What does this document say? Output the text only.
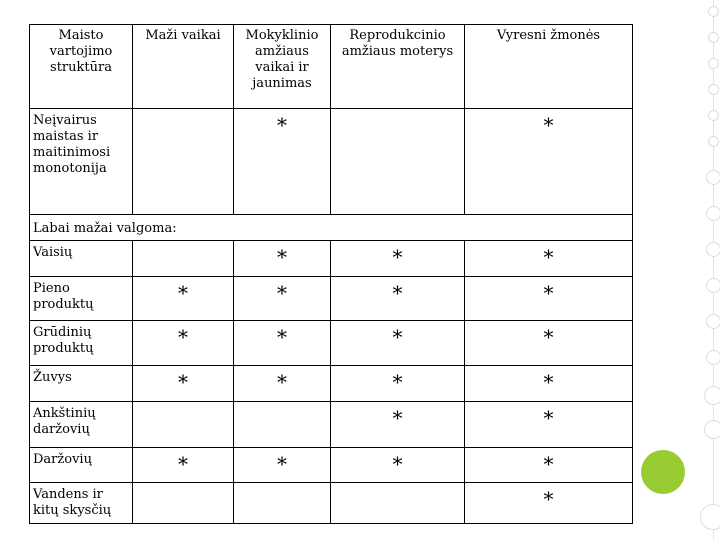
Maisto vartojimo struktūra	Maži vaikai	Mokyklinio amžiaus vaikai ir jaunimas	Reprodukcinio amžiaus moterys	Vyresni žmonės
Neįvairus maistas ir maitinimosi monotonija		*		*
Labai mažai valgoma:				
Vaisių		*	*	*
Pieno produktų	*	*	*	*
Grūdinių produktų	*	*	*	*
Žuvys	*	*	*	*
Ankštinių daržovių			*	*
Daržovių	*	*	*	*
Vandens ir kitų skysčių				*
